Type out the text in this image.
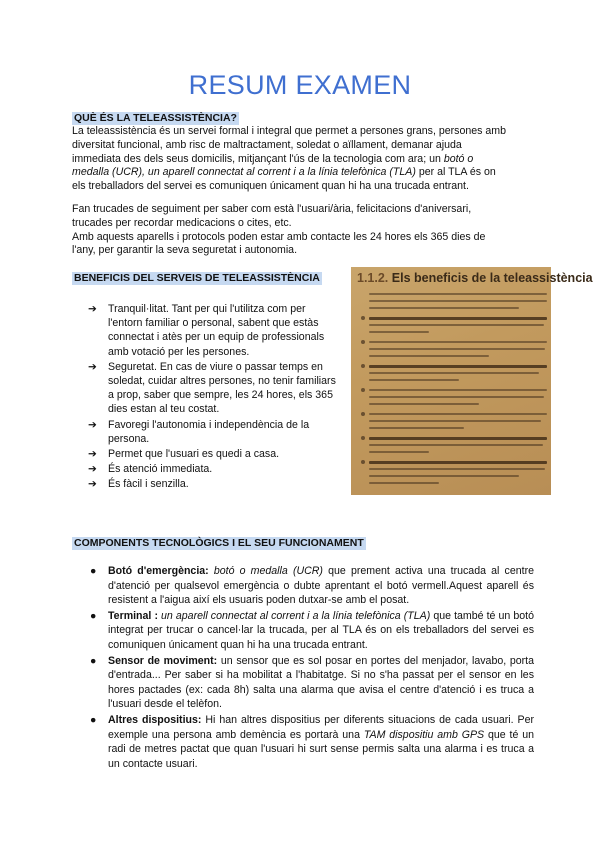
RESUM EXAMEN
QUÈ ÉS LA TELEASSISTÈNCIA?

La teleassistència és un servei formal i integral que permet a persones grans, persones amb
diversitat funcional, amb risc de maltractament, soledat o aïllament, demanar ajuda
immediata des dels seus domicilis, mitjançant l'ús de la tecnologia com ara; un botó o
medalla (UCR), un aparell connectat al corrent i a la línia telefònica (TLA) per al TLA és on
els treballadors del servei es comuniquen únicament quan hi ha una trucada entrant.

Fan trucades de seguiment per saber com està l'usuari/ària, felicitacions d'aniversari,
trucades per recordar medicacions o cites, etc.
Amb aquests aparells i protocols poden estar amb contacte les 24 hores els 365 dies de
l'any, per garantir la seva seguretat i autonomia.

BENEFICIS DEL SERVEIS DE TELEASSISTÈNCIA
➔ Tranquil·litat. Tant per qui l'utilitza com per l'entorn familiar o personal, sabent que estàs connectat i atès per un equip de professionals amb votació per les persones.
➔ Seguretat. En cas de viure o passar temps en soledat, cuidar altres persones, no tenir familiars a prop, saber que sempre, les 24 hores, els 365 dies estan al teu costat.
➔ Favoregi l'autonomia i independència de la persona.
➔ Permet que l'usuari es quedi a casa.
➔ És atenció immediata.
➔ És fàcil i senzilla.
1.1.2. Els beneficis de la teleassistència
COMPONENTS TECNOLÒGICS I EL SEU FUNCIONAMENT
● Botó d'emergència: botó o medalla (UCR) que prement activa una trucada al centre d'atenció per qualsevol emergència o dubte aprentant el botó vermell.Aquest aparell és resistent a l'aigua així els usuaris poden dutxar-se amb el posat.
● Terminal : un aparell connectat al corrent i a la línia telefònica (TLA) que també té un botó integrat per trucar o cancel·lar la trucada, per al TLA és on els treballadors del servei es comuniquen únicament quan hi ha una trucada entrant.
● Sensor de moviment: un sensor que es sol posar en portes del menjador, lavabo, porta d'entrada... Per saber si ha mobilitat a l'habitatge. Si no s'ha passat per el sensor en les hores pactades (ex: cada 8h) salta una alarma que avisa el centre d'atenció i es truca a l'usuari desde el telèfon.
● Altres dispositius: Hi han altres dispositius per diferents situacions de cada usuari. Per exemple una persona amb demència es portarà una TAM dispositiu amb GPS que té un radi de metres pactat que quan l'usuari hi surt sense permis salta una alarma i es truca a un contacte usuari.
